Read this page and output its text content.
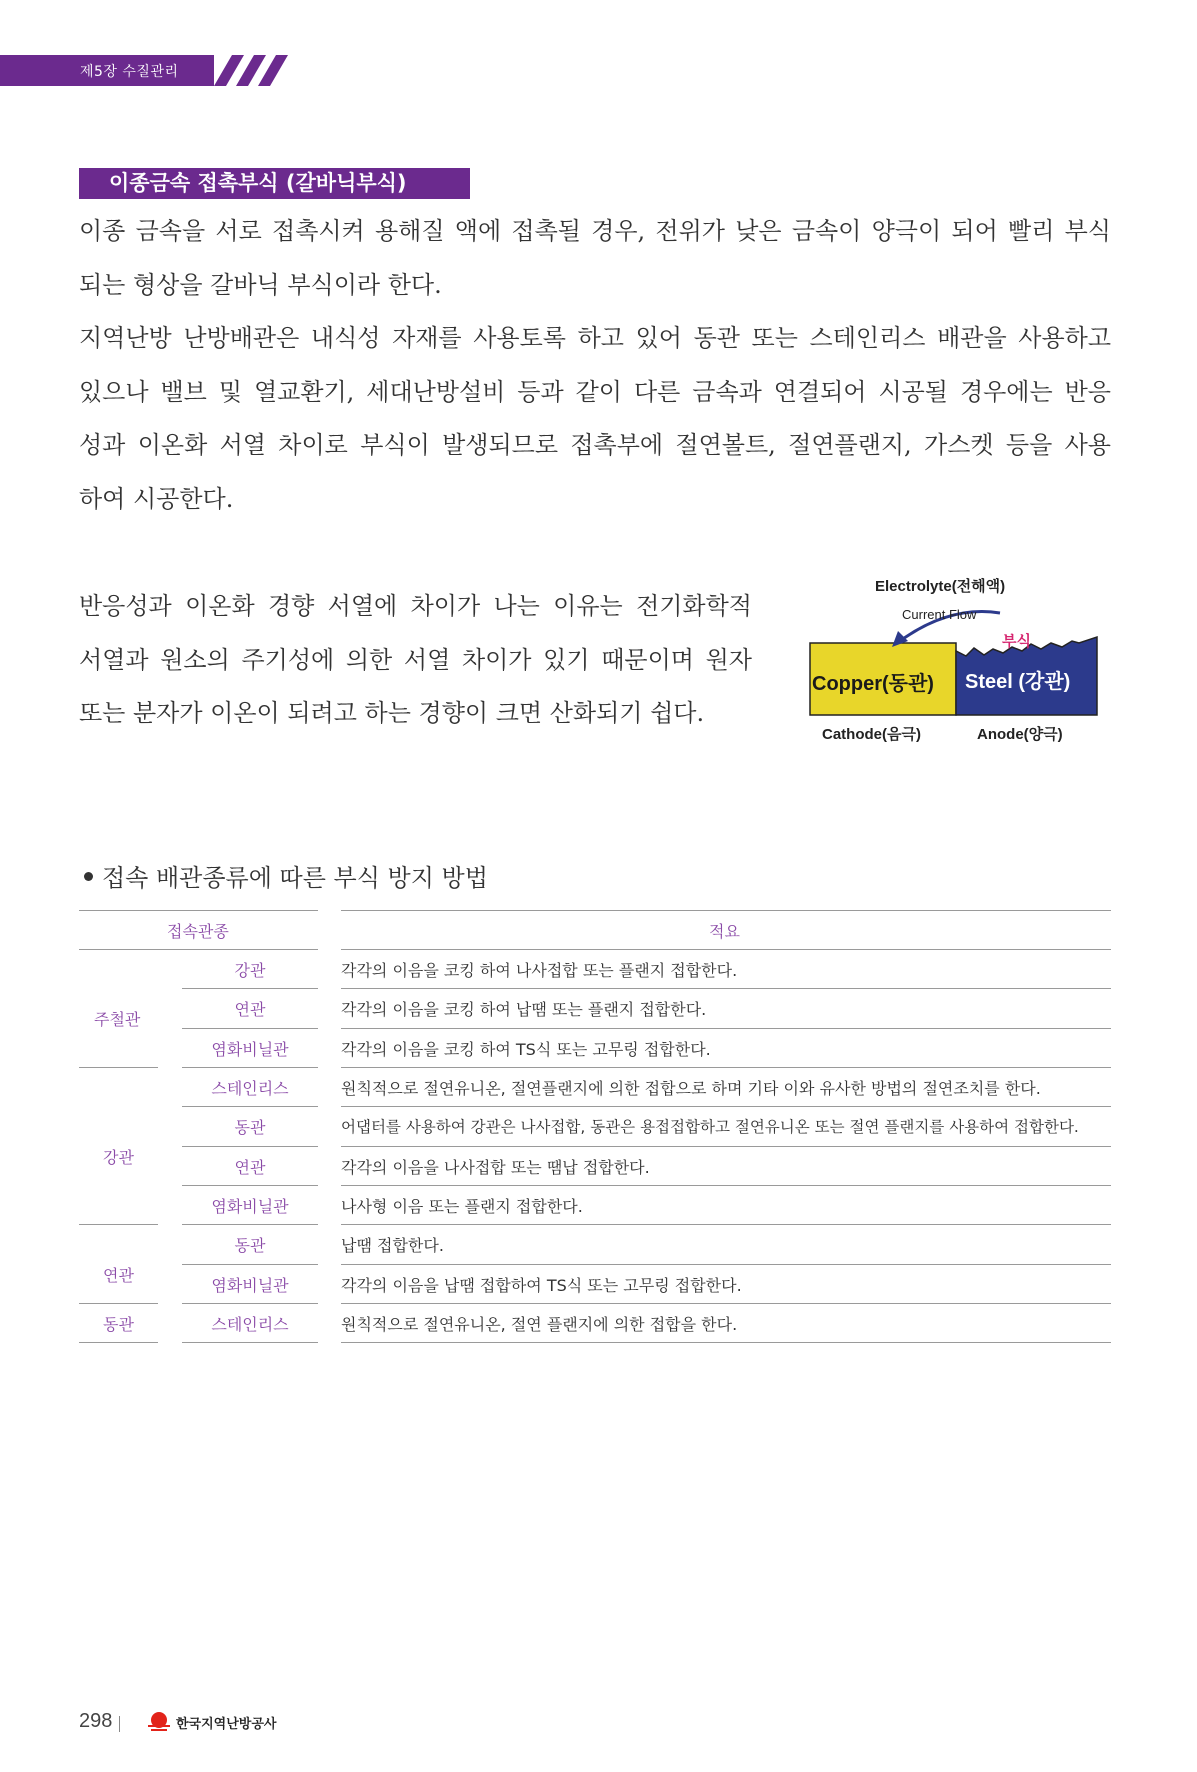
제5장 수질관리
이종금속 접촉부식 (갈바닉부식)
이종 금속을 서로 접촉시켜 용해질 액에 접촉될 경우, 전위가 낮은 금속이 양극이 되어 빨리 부식
되는 형상을 갈바닉 부식이라 한다.
지역난방 난방배관은 내식성 자재를 사용토록 하고 있어 동관 또는 스테인리스 배관을 사용하고
있으나 밸브 및 열교환기, 세대난방설비 등과 같이 다른 금속과 연결되어 시공될 경우에는 반응
성과 이온화 서열 차이로 부식이 발생되므로 접촉부에 절연볼트, 절연플랜지, 가스켓 등을 사용
하여 시공한다.
반응성과 이온화 경향 서열에 차이가 나는 이유는 전기화학적
서열과 원소의 주기성에 의한 서열 차이가 있기 때문이며 원자
또는 분자가 이온이 되려고 하는 경향이 크면 산화되기 쉽다.
Electrolyte(전해액)
Current Flow
부식
Copper(동관) Steel (강관)
Cathode(음극)	Anode(양극)
접속 배관종류에 따른 부식 방지 방법
접속관종	적요
주철관
강관	각각의 이음을 코킹 하여 나사접합 또는 플랜지 접합한다.
연관	각각의 이음을 코킹 하여 납땜 또는 플랜지 접합한다.
염화비닐관	각각의 이음을 코킹 하여 TS식 또는 고무링 접합한다.
강관
스테인리스	원칙적으로 절연유니온, 절연플랜지에 의한 접합으로 하며 기타 이와 유사한 방법의 절연조치를 한다.
동관	어댑터를 사용하여 강관은 나사접합, 동관은 용접접합하고 절연유니온 또는 절연 플랜지를 사용하여 접합한다.
연관	각각의 이음을 나사접합 또는 땜납 접합한다.
염화비닐관	나사형 이음 또는 플랜지 접합한다.
연관
동관	납땜 접합한다.
염화비닐관	각각의 이음을 납땜 접합하여 TS식 또는 고무링 접합한다.
동관	스테인리스	원칙적으로 절연유니온, 절연 플랜지에 의한 접합을 한다.
298	한국지역난방공사
